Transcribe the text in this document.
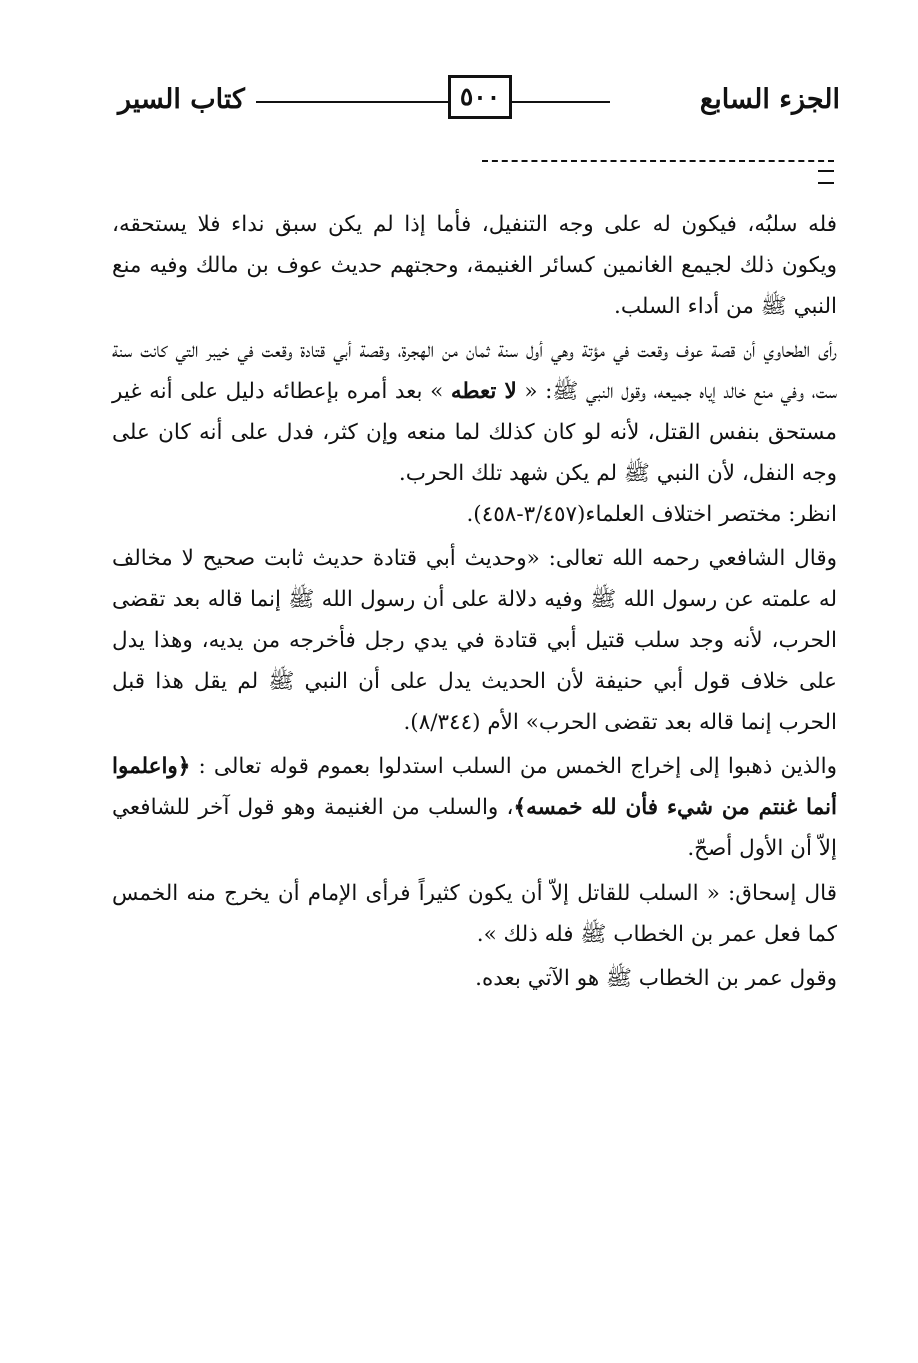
الجزء السابع
كتاب السير	٥٠٠

فله سلبُه، فيكون له على وجه التنفيل، فأما إذا لم يكن سبق نداء فلا يستحقه، ويكون ذلك لجيمع الغانمين كسائر الغنيمة، وحجتهم حديث عوف بن مالك وفيه منع النبي ﷺ من أداء السلب.

رأى الطحاوي أن قصة عوف وقعت في مؤتة وهي أول سنة ثمان من الهجرة، وقصة أبي قتادة وقعت في خيبر التي كانت سنة ست، وفي منع خالد إياه جميعه، وقول النبي ﷺ: « لا تعطه » بعد أمره بإعطائه دليل على أنه غير مستحق بنفس القتل، لأنه لو كان كذلك لما منعه وإن كثر، فدل على أنه كان على وجه النفل، لأن النبي ﷺ لم يكن شهد تلك الحرب.

انظر: مختصر اختلاف العلماء(٣/٤٥٧-٤٥٨).

وقال الشافعي رحمه الله تعالى: «وحديث أبي قتادة حديث ثابت صحيح لا مخالف له علمته عن رسول الله ﷺ وفيه دلالة على أن رسول الله ﷺ إنما قاله بعد تقضى الحرب، لأنه وجد سلب قتيل أبي قتادة في يدي رجل فأخرجه من يديه، وهذا يدل على خلاف قول أبي حنيفة لأن الحديث يدل على أن النبي ﷺ لم يقل هذا قبل الحرب إنما قاله بعد تقضى الحرب» الأم (٨/٣٤٤).

والذين ذهبوا إلى إخراج الخمس من السلب استدلوا بعموم قوله تعالى : ﴿واعلموا أنما غنتم من شيء فأن لله خمسه﴾، والسلب من الغنيمة وهو قول آخر للشافعي إلاّ أن الأول أصحّ.

قال إسحاق: « السلب للقاتل إلاّ أن يكون كثيراً فرأى الإمام أن يخرج منه الخمس كما فعل عمر بن الخطاب ﷺ فله ذلك ».

وقول عمر بن الخطاب ﷺ هو الآتي بعده.
